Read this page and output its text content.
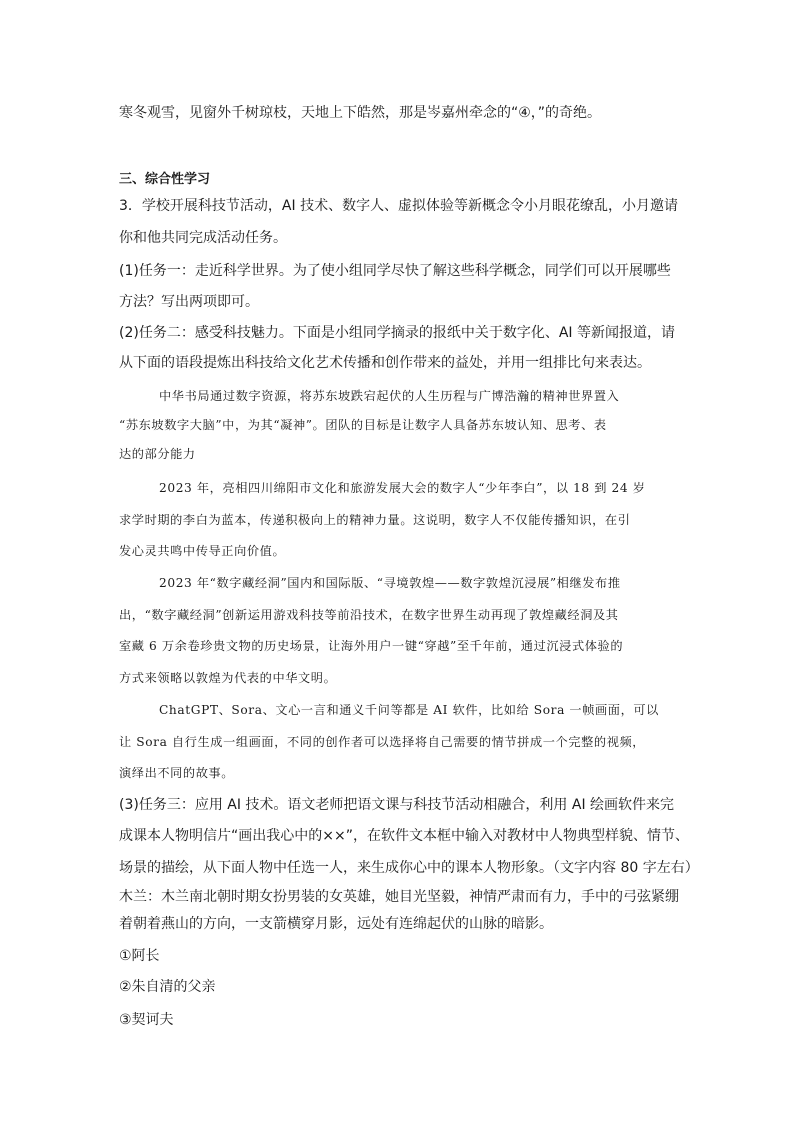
寒冬观雪，见窗外千树琼枝，天地上下皓然，那是岑嘉州牵念的“④，”的奇绝。
三、综合性学习
3．学校开展科技节活动，AI 技术、数字人、虚拟体验等新概念令小月眼花缭乱，小月邀请
你和他共同完成活动任务。
(1)任务一：走近科学世界。为了使小组同学尽快了解这些科学概念，同学们可以开展哪些
方法？写出两项即可。
(2)任务二：感受科技魅力。下面是小组同学摘录的报纸中关于数字化、AI 等新闻报道，请
从下面的语段提炼出科技给文化艺术传播和创作带来的益处，并用一组排比句来表达。
中华书局通过数字资源，将苏东坡跌宕起伏的人生历程与广博浩瀚的精神世界置入
“苏东坡数字大脑”中，为其“凝神”。团队的目标是让数字人具备苏东坡认知、思考、表
达的部分能力
2023 年，亮相四川绵阳市文化和旅游发展大会的数字人“少年李白”，以 18 到 24 岁
求学时期的李白为蓝本，传递积极向上的精神力量。这说明，数字人不仅能传播知识，在引
发心灵共鸣中传导正向价值。
2023 年“数字藏经洞”国内和国际版、“寻境敦煌——数字敦煌沉浸展”相继发布推
出，“数字藏经洞”创新运用游戏科技等前沿技术，在数字世界生动再现了敦煌藏经洞及其
室藏 6 万余卷珍贵文物的历史场景，让海外用户一键“穿越”至千年前，通过沉浸式体验的
方式来领略以敦煌为代表的中华文明。
ChatGPT、Sora、文心一言和通义千问等都是 AI 软件，比如给 Sora 一帧画面，可以
让 Sora 自行生成一组画面，不同的创作者可以选择将自己需要的情节拼成一个完整的视频，
演绎出不同的故事。
(3)任务三：应用 AI 技术。语文老师把语文课与科技节活动相融合，利用 AI 绘画软件来完
成课本人物明信片“画出我心中的××”，在软件文本框中输入对教材中人物典型样貌、情节、
场景的描绘，从下面人物中任选一人，来生成你心中的课本人物形象。（文字内容 80 字左右）
木兰：木兰南北朝时期女扮男装的女英雄，她目光坚毅，神情严肃而有力，手中的弓弦紧绷
着朝着燕山的方向，一支箭横穿月影，远处有连绵起伏的山脉的暗影。
①阿长
②朱自清的父亲
③契诃夫
